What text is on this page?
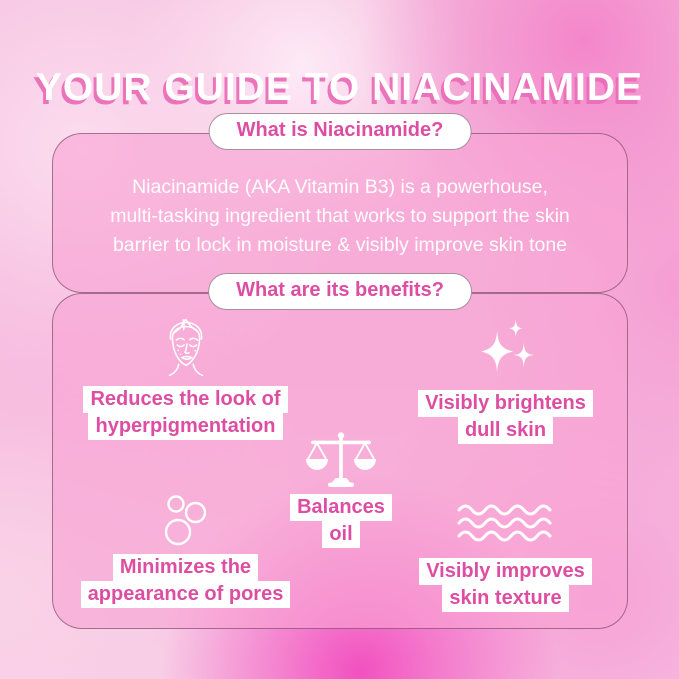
YOUR GUIDE TO NIACINAMIDE
What is Niacinamide?

Niacinamide (AKA Vitamin B3) is a powerhouse,
multi-tasking ingredient that works to support the skin
barrier to lock in moisture & visibly improve skin tone

What are its benefits?
Reduces the look of
hyperpigmentation
Visibly brightens
dull skin
Balances
oil
Minimizes the
appearance of pores
Visibly improves
skin texture
